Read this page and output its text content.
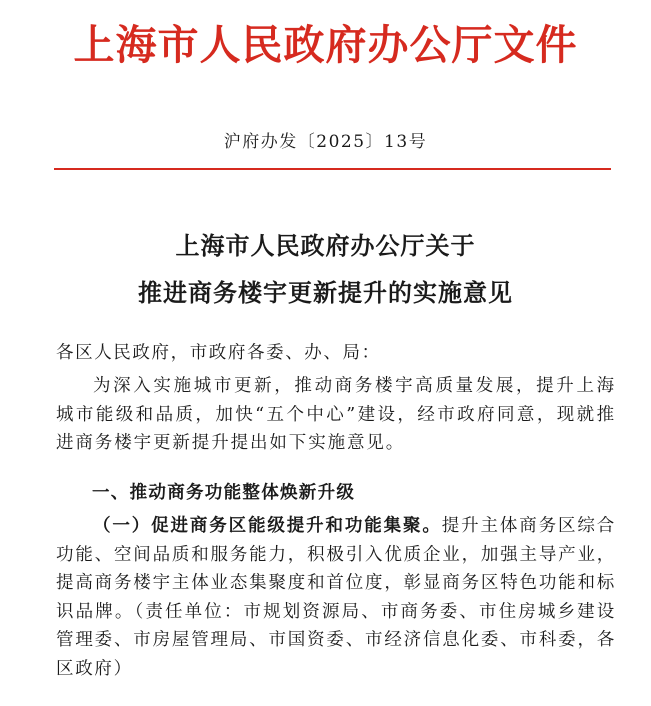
上海市人民政府办公厅文件
沪府办发〔2025〕13号
上海市人民政府办公厅关于
推进商务楼宇更新提升的实施意见
各区人民政府，市政府各委、办、局：
为深入实施城市更新，推动商务楼宇高质量发展，提升上海城市能级和品质，加快“五个中心”建设，经市政府同意，现就推进商务楼宇更新提升提出如下实施意见。
一、推动商务功能整体焕新升级
（一）促进商务区能级提升和功能集聚。提升主体商务区综合功能、空间品质和服务能力，积极引入优质企业，加强主导产业，提高商务楼宇主体业态集聚度和首位度，彰显商务区特色功能和标识品牌。（责任单位：市规划资源局、市商务委、市住房城乡建设管理委、市房屋管理局、市国资委、市经济信息化委、市科委，各区政府）
